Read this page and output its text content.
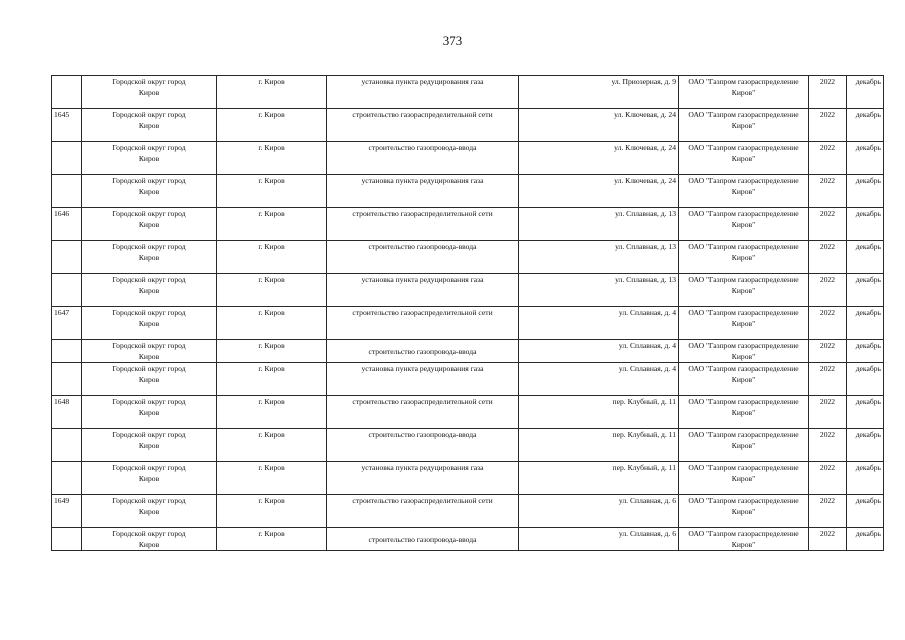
373

	Городской округ город
Киров	г. Киров	установка пункта редуцирования газа	ул. Приозерная, д. 9	ОАО "Газпром газораспределение
Киров"	2022	декабрь
1645	Городской округ город
Киров	г. Киров	строительство газораспределительной сети	ул. Ключевая, д. 24	ОАО "Газпром газораспределение
Киров"	2022	декабрь

	Городской округ город
Киров	г. Киров	строительство газопровода-ввода	ул. Ключевая, д. 24	ОАО "Газпром газораспределение
Киров"	2022	декабрь

	Городской округ город
Киров	г. Киров	установка пункта редуцирования газа	ул. Ключевая, д. 24	ОАО "Газпром газораспределение
Киров"	2022	декабрь
1646	Городской округ город
Киров	г. Киров	строительство газораспределительной сети	ул. Сплавная, д. 13	ОАО "Газпром газораспределение
Киров"	2022	декабрь

	Городской округ город
Киров	г. Киров	строительство газопровода-ввода	ул. Сплавная, д. 13	ОАО "Газпром газораспределение
Киров"	2022	декабрь

	Городской округ город
Киров	г. Киров	установка пункта редуцирования газа	ул. Сплавная, д. 13	ОАО "Газпром газораспределение
Киров"	2022	декабрь
1647	Городской округ город
Киров	г. Киров	строительство газораспределительной сети	ул. Сплавная, д. 4	ОАО "Газпром газораспределение
Киров"	2022	декабрь

	Городской округ город
Киров	г. Киров	строительство газопровода-ввода	ул. Сплавная, д. 4	ОАО "Газпром газораспределение
Киров"	2022	декабрь

	Городской округ город
Киров	г. Киров	установка пункта редуцирования газа	ул. Сплавная, д. 4	ОАО "Газпром газораспределение
Киров"	2022	декабрь
1648	Городской округ город
Киров	г. Киров	строительство газораспределительной сети	пер. Клубный, д. 11	ОАО "Газпром газораспределение
Киров"	2022	декабрь

	Городской округ город
Киров	г. Киров	строительство газопровода-ввода	пер. Клубный, д. 11	ОАО "Газпром газораспределение
Киров"	2022	декабрь

	Городской округ город
Киров	г. Киров	установка пункта редуцирования газа	пер. Клубный, д. 11	ОАО "Газпром газораспределение
Киров"	2022	декабрь
1649	Городской округ город
Киров	г. Киров	строительство газораспределительной сети	ул. Сплавная, д. 6	ОАО "Газпром газораспределение
Киров"	2022	декабрь

	Городской округ город
Киров	г. Киров	строительство газопровода-ввода	ул. Сплавная, д. 6	ОАО "Газпром газораспределение
Киров"	2022	декабрь
